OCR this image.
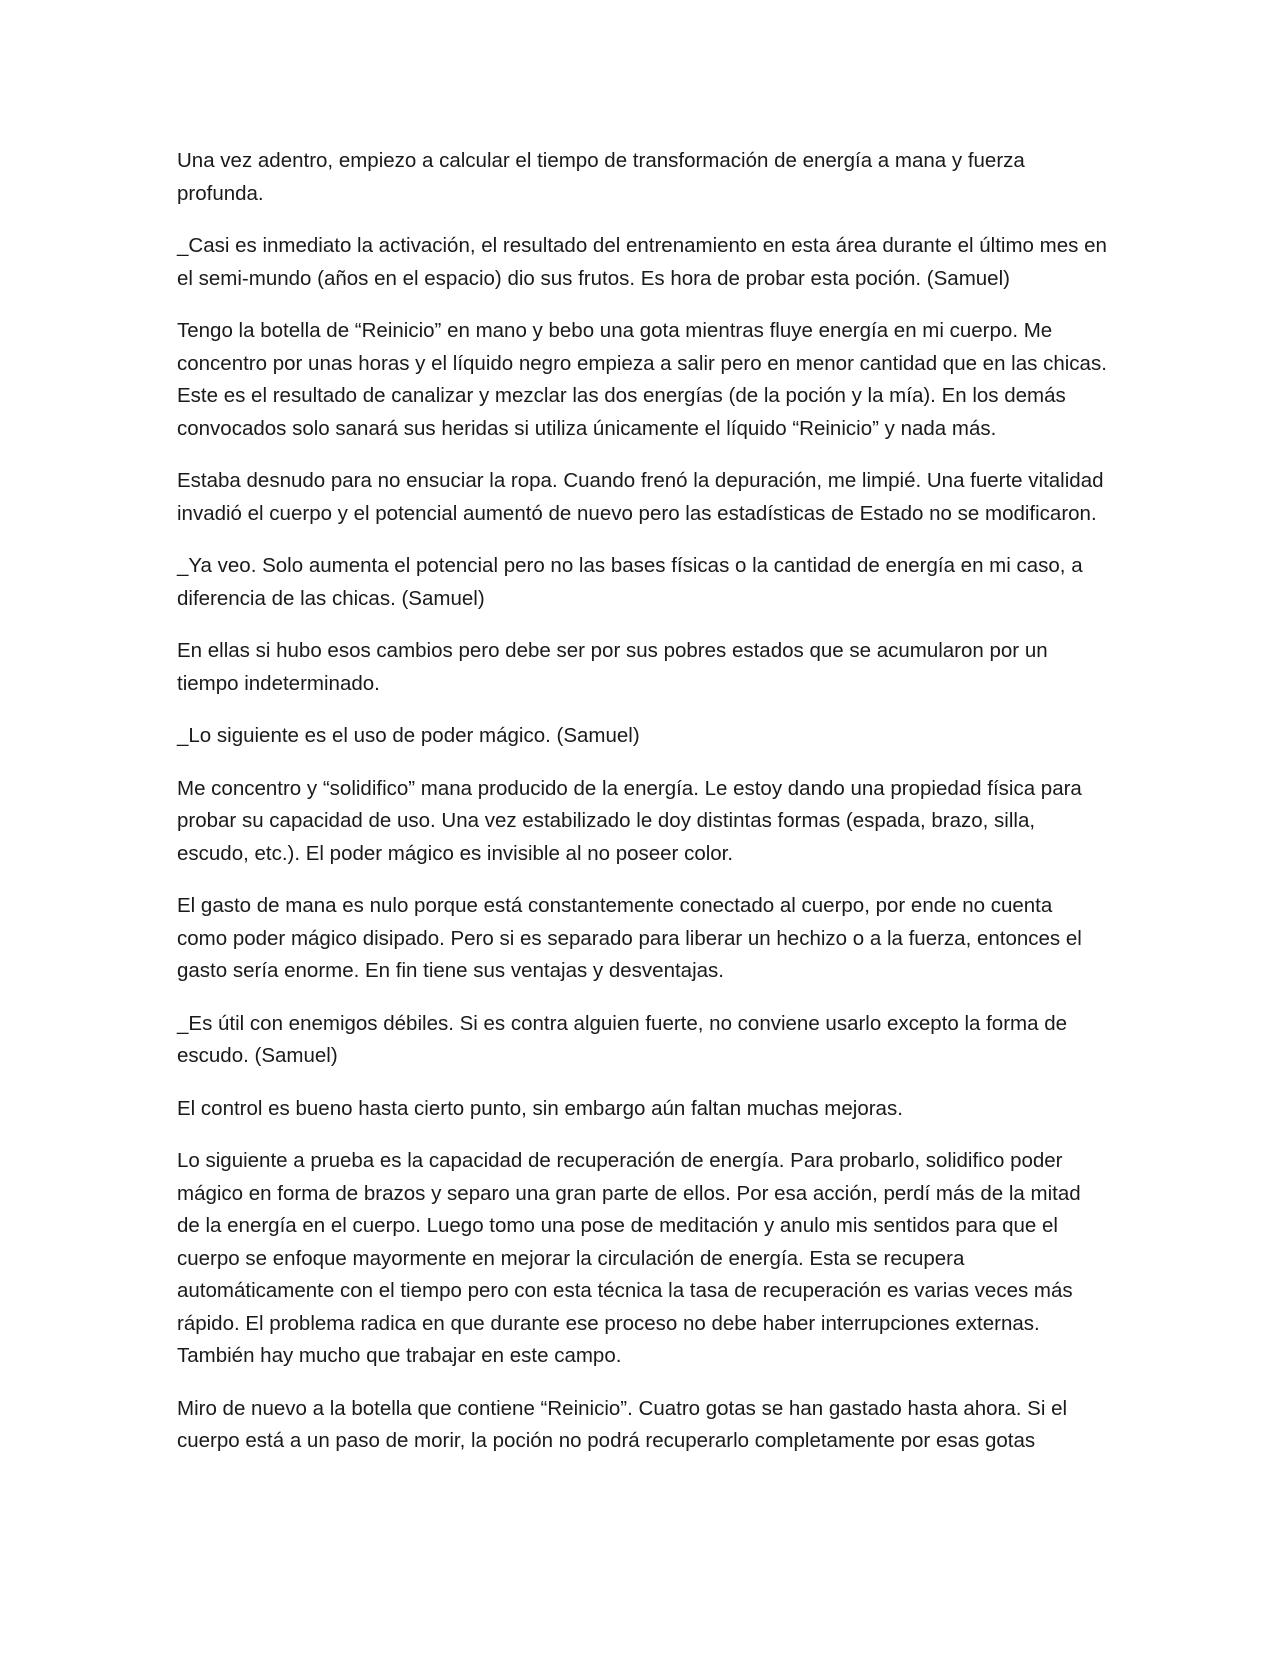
Una vez adentro, empiezo a calcular el tiempo de transformación de energía a mana y fuerza profunda.

_Casi es inmediato la activación, el resultado del entrenamiento en esta área durante el último mes en el semi-mundo (años en el espacio) dio sus frutos. Es hora de probar esta poción. (Samuel)

Tengo la botella de “Reinicio” en mano y bebo una gota mientras fluye energía en mi cuerpo. Me concentro por unas horas y el líquido negro empieza a salir pero en menor cantidad que en las chicas. Este es el resultado de canalizar y mezclar las dos energías (de la poción y la mía). En los demás convocados solo sanará sus heridas si utiliza únicamente el líquido “Reinicio” y nada más.

Estaba desnudo para no ensuciar la ropa. Cuando frenó la depuración, me limpié. Una fuerte vitalidad invadió el cuerpo y el potencial aumentó de nuevo pero las estadísticas de Estado no se modificaron.

_Ya veo. Solo aumenta el potencial pero no las bases físicas o la cantidad de energía en mi caso, a diferencia de las chicas. (Samuel)

En ellas si hubo esos cambios pero debe ser por sus pobres estados que se acumularon por un tiempo indeterminado.

_Lo siguiente es el uso de poder mágico. (Samuel)

Me concentro y “solidifico” mana producido de la energía. Le estoy dando una propiedad física para probar su capacidad de uso. Una vez estabilizado le doy distintas formas (espada, brazo, silla, escudo, etc.). El poder mágico es invisible al no poseer color.

El gasto de mana es nulo porque está constantemente conectado al cuerpo, por ende no cuenta como poder mágico disipado. Pero si es separado para liberar un hechizo o a la fuerza, entonces el gasto sería enorme. En fin tiene sus ventajas y desventajas.

_Es útil con enemigos débiles. Si es contra alguien fuerte, no conviene usarlo excepto la forma de escudo. (Samuel)

El control es bueno hasta cierto punto, sin embargo aún faltan muchas mejoras.

Lo siguiente a prueba es la capacidad de recuperación de energía. Para probarlo, solidifico poder mágico en forma de brazos y separo una gran parte de ellos. Por esa acción, perdí más de la mitad de la energía en el cuerpo. Luego tomo una pose de meditación y anulo mis sentidos para que el cuerpo se enfoque mayormente en mejorar la circulación de energía. Esta se recupera automáticamente con el tiempo pero con esta técnica la tasa de recuperación es varias veces más rápido. El problema radica en que durante ese proceso no debe haber interrupciones externas. También hay mucho que trabajar en este campo.

Miro de nuevo a la botella que contiene “Reinicio”. Cuatro gotas se han gastado hasta ahora. Si el cuerpo está a un paso de morir, la poción no podrá recuperarlo completamente por esas gotas
